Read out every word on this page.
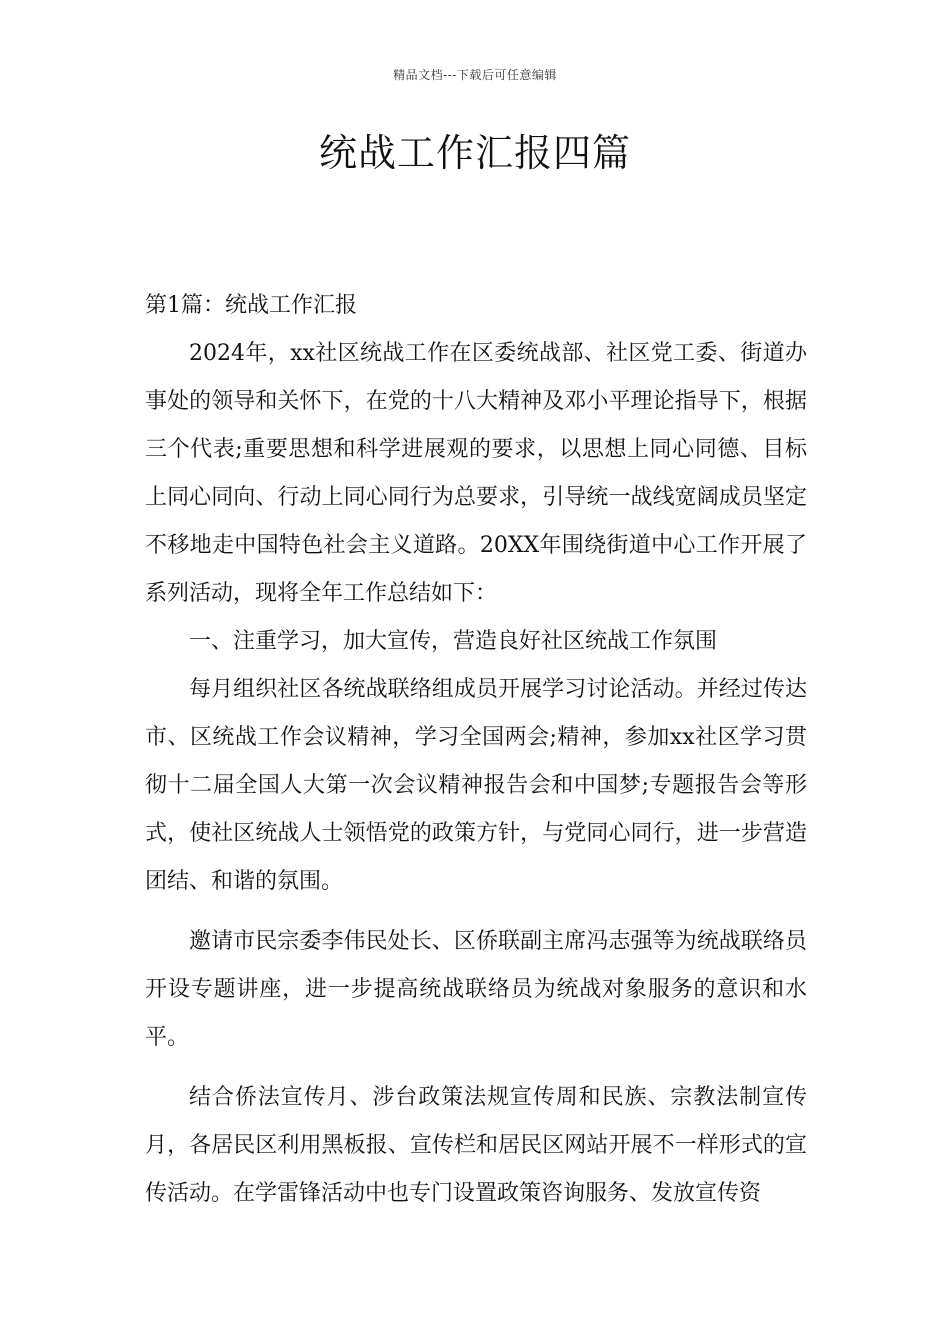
精品文档---下载后可任意编辑
统战工作汇报四篇

第1篇：统战工作汇报

2024年，xx社区统战工作在区委统战部、社区党工委、街道办事处的领导和关怀下，在党的十八大精神及邓小平理论指导下，根据三个代表;重要思想和科学进展观的要求，以思想上同心同德、目标上同心同向、行动上同心同行为总要求，引导统一战线宽阔成员坚定不移地走中国特色社会主义道路。20XX年围绕街道中心工作开展了系列活动，现将全年工作总结如下：

一、注重学习，加大宣传，营造良好社区统战工作氛围

每月组织社区各统战联络组成员开展学习讨论活动。并经过传达市、区统战工作会议精神，学习全国两会;精神，参加xx社区学习贯彻十二届全国人大第一次会议精神报告会和中国梦;专题报告会等形式，使社区统战人士领悟党的政策方针，与党同心同行，进一步营造团结、和谐的氛围。

邀请市民宗委李伟民处长、区侨联副主席冯志强等为统战联络员开设专题讲座，进一步提高统战联络员为统战对象服务的意识和水平。

结合侨法宣传月、涉台政策法规宣传周和民族、宗教法制宣传月，各居民区利用黑板报、宣传栏和居民区网站开展不一样形式的宣传活动。在学雷锋活动中也专门设置政策咨询服务、发放宣传资
